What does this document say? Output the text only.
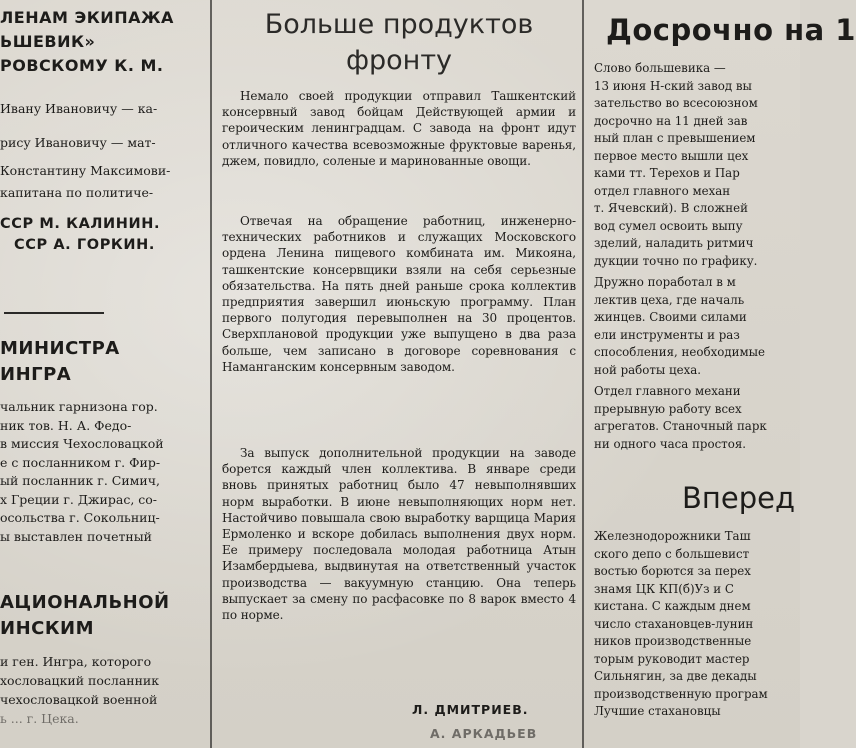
ЛЕНАМ ЭКИПАЖА

ЬШЕВИК»

РОВСКОМУ К. М.

Ивану Ивановичу — ка-

рису Ивановичу — мат-

Константину Максимови-

капитана по политиче-

ССР М. КАЛИНИН.

ССР А. ГОРКИН.

МИНИСТРА

ИНГРА

чальник гарнизона гор.

ник тов. Н. А. Федо-

в миссия Чехословацкой

е с посланником г. Фир-

ый посланник г. Симич,

х Греции г. Джирас, со-

осольства г. Сокольниц-

ы выставлен почетный

АЦИОНАЛЬНОЙ

ИНСКИМ

и ген. Ингра, которого

хословацкий посланник

чехословацкой военной

ь ... г. Цека.

Больше продуктов

фронту

Немало своей продукции отправил Ташкентский консервный завод бойцам Действующей армии и героическим ленинградцам. С завода на фронт идут отличного качества всевозможные фруктовые варенья, джем, повидло, соленые и маринованные овощи.

Отвечая на обращение работниц, инженерно-технических работников и служащих Московского ордена Ленина пищевого комбината им. Микояна, ташкентские консервщики взяли на себя серьезные обязательства. На пять дней раньше срока коллектив предприятия завершил июньскую программу. План первого полугодия перевыполнен на 30 процентов. Сверхплановой продукции уже выпущено в два раза больше, чем записано в договоре соревнования с Наманганским консервным заводом.

За выпуск дополнительной продукции на заводе борется каждый член коллектива. В январе среди вновь принятых работниц было 47 невыполнявших норм выработки. В июне невыполняющих норм нет. Настойчиво повышала свою выработку варщица Мария Ермоленко и вскоре добилась выполнения двух норм. Ее примеру последовала молодая работница Атын Изамбердыева, выдвинутая на ответственный участок производства — вакуумную станцию. Она теперь выпускает за смену по расфасовке по 8 варок вместо 4 по норме.

Л. ДМИТРИЕВ.

А. АРКАДЬЕВ

Досрочно на 1

Слово большевика —

13 июня Н-ский завод вы

зательство во всесоюзном

досрочно на 11 дней зав

ный план с превышением

первое место вышли цех

ками тт. Терехов и Пар

отдел главного механ

т. Ячевский). В сложней

вод сумел освоить выпу

зделий, наладить ритмич

дукции точно по графику.

Дружно поработал в м

лектив цеха, где началь

жинцев. Своими силами

ели инструменты и раз

способления, необходимые

ной работы цеха.

Отдел главного механи

прерывную работу всех

агрегатов. Станочный парк

ни одного часа простоя.

Вперед

Железнодорожники Таш

ского депо с большевист

востью борются за перех

знамя ЦК КП(б)Уз и С

кистана. С каждым днем

число стахановцев-лунин

ников производственные

торым руководит мастер

Сильнягин, за две декады

производственную програм

Лучшие стахановцы
